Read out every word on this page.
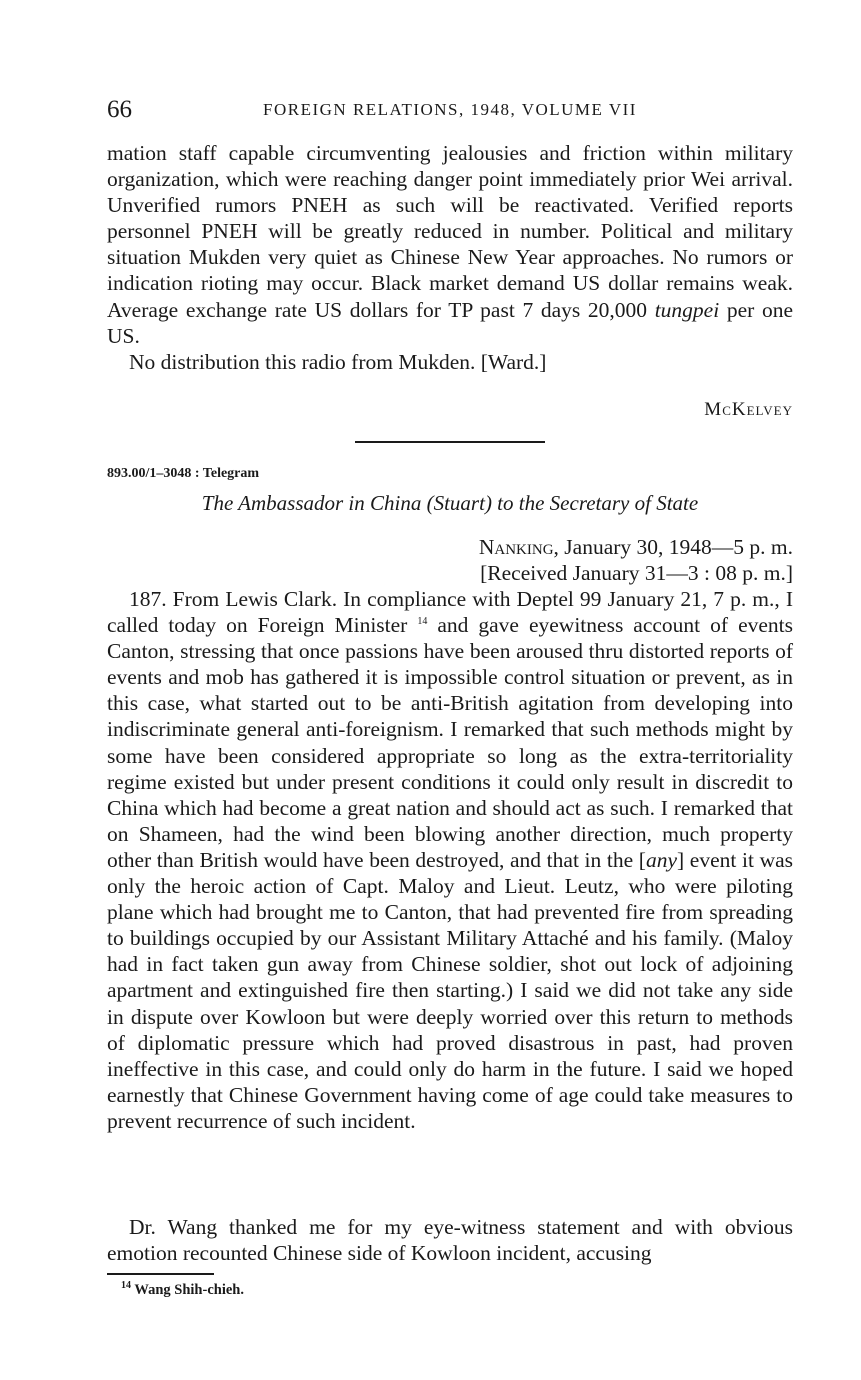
66	FOREIGN RELATIONS, 1948, VOLUME VII

mation staff capable circumventing jealousies and friction within military organization, which were reaching danger point immediately prior Wei arrival. Unverified rumors PNEH as such will be reactivated. Verified reports personnel PNEH will be greatly reduced in number. Political and military situation Mukden very quiet as Chinese New Year approaches. No rumors or indication rioting may occur. Black market demand US dollar remains weak. Average exchange rate US dollars for TP past 7 days 20,000 tungpei per one US.

No distribution this radio from Mukden. [Ward.]

McKelvey
893.00/1–3048 : Telegram
The Ambassador in China (Stuart) to the Secretary of State
Nanking, January 30, 1948—5 p. m.
[Received January 31—3 : 08 p. m.]

187. From Lewis Clark. In compliance with Deptel 99 January 21, 7 p. m., I called today on Foreign Minister $^{14}$ and gave eyewitness account of events Canton, stressing that once passions have been aroused thru distorted reports of events and mob has gathered it is impossible control situation or prevent, as in this case, what started out to be anti-British agitation from developing into indiscriminate general anti-foreignism. I remarked that such methods might by some have been considered appropriate so long as the extra-territoriality regime existed but under present conditions it could only result in discredit to China which had become a great nation and should act as such. I remarked that on Shameen, had the wind been blowing another direction, much property other than British would have been destroyed, and that in the [any] event it was only the heroic action of Capt. Maloy and Lieut. Leutz, who were piloting plane which had brought me to Canton, that had prevented fire from spreading to buildings occupied by our Assistant Military Attaché and his family. (Maloy had in fact taken gun away from Chinese soldier, shot out lock of adjoining apartment and extinguished fire then starting.) I said we did not take any side in dispute over Kowloon but were deeply worried over this return to methods of diplomatic pressure which had proved disastrous in past, had proven ineffective in this case, and could only do harm in the future. I said we hoped earnestly that Chinese Government having come of age could take measures to prevent recurrence of such incident.

Dr. Wang thanked me for my eye-witness statement and with obvious emotion recounted Chinese side of Kowloon incident, accusing

$^{14}$ Wang Shih-chieh.
